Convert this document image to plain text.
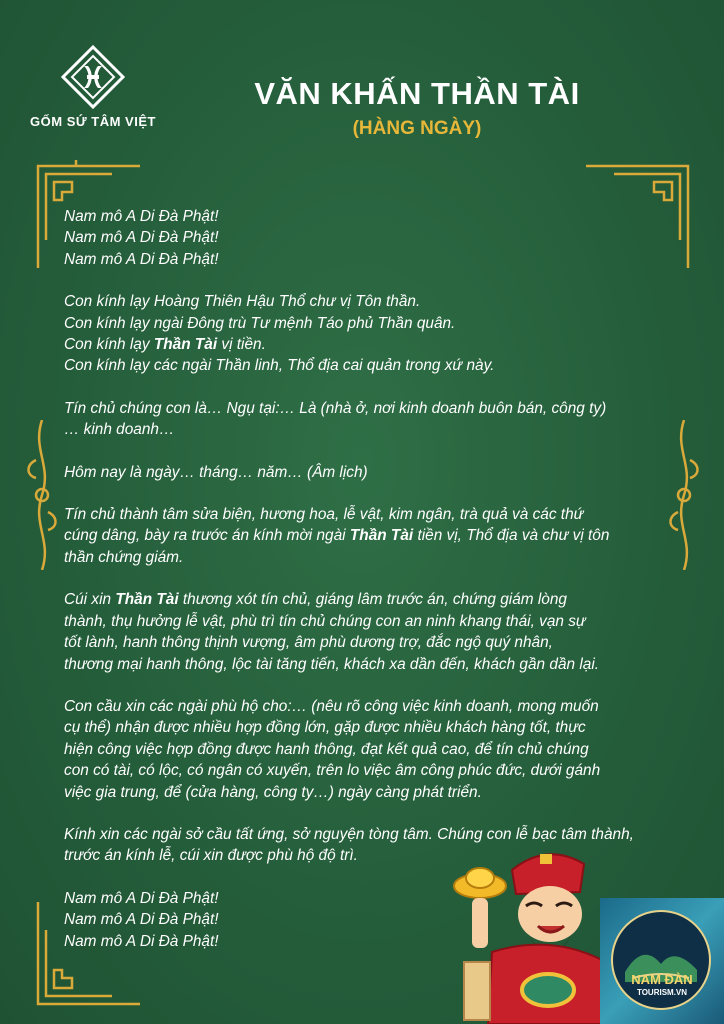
GỐM SỨ TÂM VIỆT
VĂN KHẤN THẦN TÀI
(HÀNG NGÀY)

Nam mô A Di Đà Phật!
Nam mô A Di Đà Phật!
Nam mô A Di Đà Phật!

Con kính lạy Hoàng Thiên Hậu Thổ chư vị Tôn thần.
Con kính lạy ngài Đông trù Tư mệnh Táo phủ Thần quân.
Con kính lạy Thần Tài vị tiền.
Con kính lạy các ngài Thần linh, Thổ địa cai quản trong xứ này.

Tín chủ chúng con là… Ngụ tại:… Là (nhà ở, nơi kinh doanh buôn bán, công ty)
… kinh doanh…

Hôm nay là ngày… tháng… năm… (Âm lịch)

Tín chủ thành tâm sửa biện, hương hoa, lễ vật, kim ngân, trà quả và các thứ
cúng dâng, bày ra trước án kính mời ngài Thần Tài tiền vị, Thổ địa và chư vị tôn
thần chứng giám.

Cúi xin Thần Tài thương xót tín chủ, giáng lâm trước án, chứng giám lòng
thành, thụ hưởng lễ vật, phù trì tín chủ chúng con an ninh khang thái, vạn sự
tốt lành, hanh thông thịnh vượng, âm phù dương trợ, đắc ngộ quý nhân,
thương mại hanh thông, lộc tài tăng tiến, khách xa dần đến, khách gần dần lại.

Con cầu xin các ngài phù hộ cho:… (nêu rõ công việc kinh doanh, mong muốn
cụ thể) nhận được nhiều hợp đồng lớn, gặp được nhiều khách hàng tốt, thực
hiện công việc hợp đồng được hanh thông, đạt kết quả cao, để tín chủ chúng
con có tài, có lộc, có ngân có xuyến, trên lo việc âm công phúc đức, dưới gánh
việc gia trung, để (cửa hàng, công ty…) ngày càng phát triển.

Kính xin các ngài sở cầu tất ứng, sở nguyện tòng tâm. Chúng con lễ bạc tâm thành,
trước án kính lễ, cúi xin được phù hộ độ trì.

Nam mô A Di Đà Phật!
Nam mô A Di Đà Phật!
Nam mô A Di Đà Phật!

NAM ĐÀN
TOURISM.VN
